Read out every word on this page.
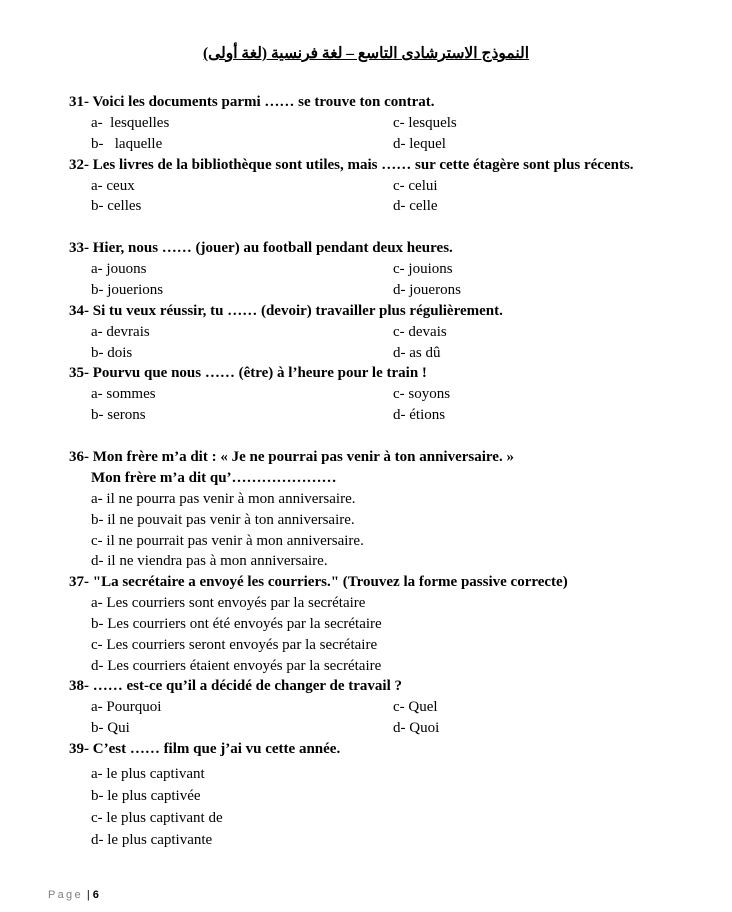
النموذج الاسترشادى التاسع – لغة فرنسية (لغة أولى)
31- Voici les documents parmi …… se trouve ton contrat.
a-  lesquelles	c- lesquels
b-   laquelle	d- lequel
32- Les livres de la bibliothèque sont utiles, mais …… sur cette étagère sont plus récents.
a- ceux	c- celui
b- celles	d- celle
33- Hier, nous …… (jouer) au football pendant deux heures.
a- jouons	c- jouions
b- jouerions	d- jouerons
34- Si tu veux réussir, tu …… (devoir) travailler plus régulièrement.
a- devrais	c- devais
b- dois	d- as dû
35- Pourvu que nous …… (être) à l’heure pour le train !
a- sommes	c- soyons
b- serons	d- étions
36- Mon frère m’a dit : « Je ne pourrai pas venir à ton anniversaire. »
Mon frère m’a dit qu’…………………
a- il ne pourra pas venir à mon anniversaire.
b- il ne pouvait pas venir à ton anniversaire.
c- il ne pourrait pas venir à mon anniversaire.
d- il ne viendra pas à mon anniversaire.
37- "La secrétaire a envoyé les courriers." (Trouvez la forme passive correcte)
a- Les courriers sont envoyés par la secrétaire
b- Les courriers ont été envoyés par la secrétaire
c- Les courriers seront envoyés par la secrétaire
d- Les courriers étaient envoyés par la secrétaire
38- …… est-ce qu’il a décidé de changer de travail ?
a- Pourquoi	c- Quel
b- Qui	d- Quoi
39- C’est …… film que j’ai vu cette année.
a- le plus captivant
b- le plus captivée
c- le plus captivant de
d- le plus captivante
Page | 6
